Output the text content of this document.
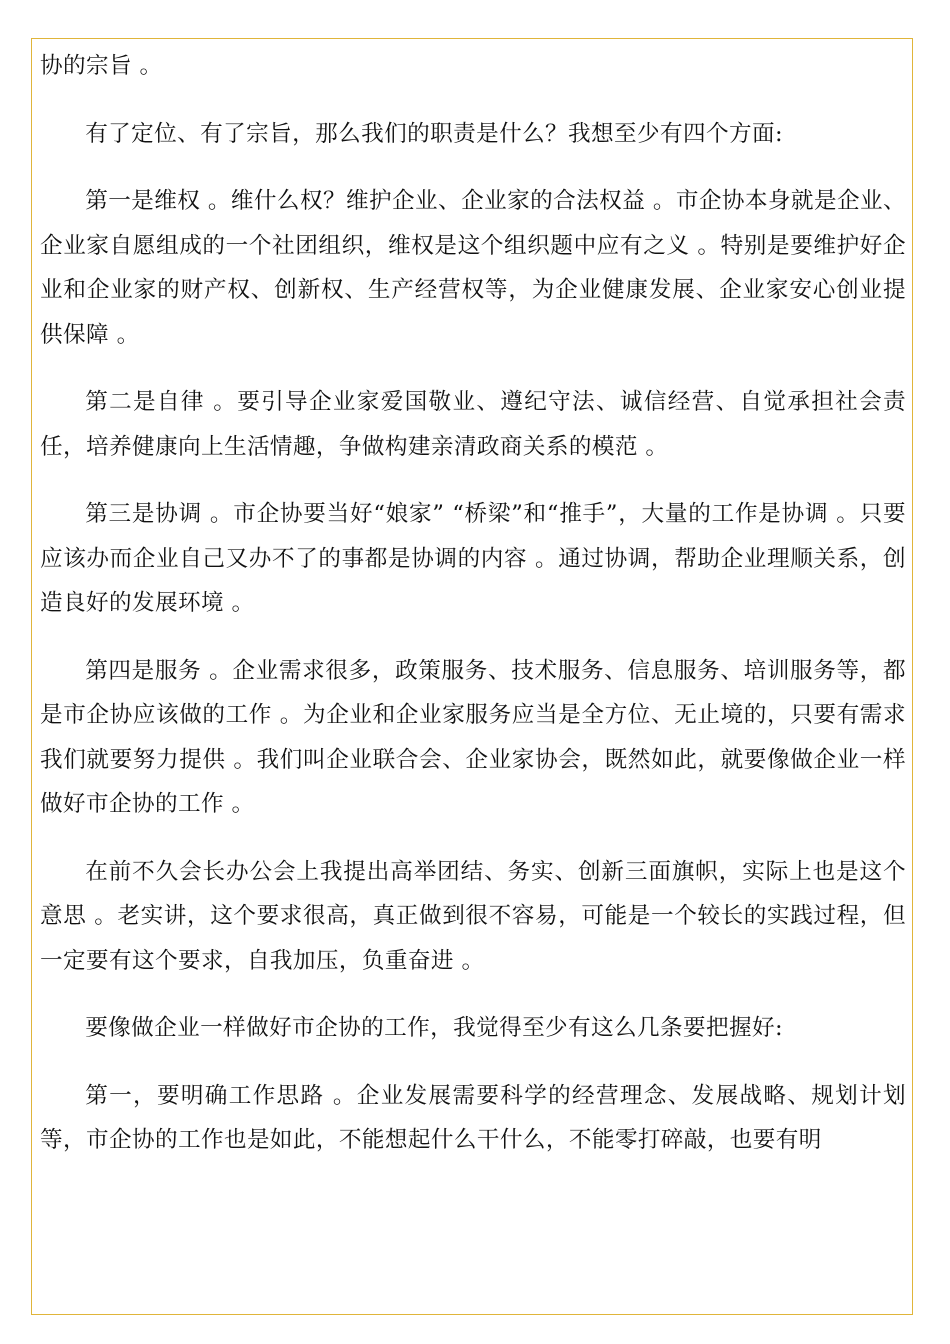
协的宗旨 。

有了定位、有了宗旨，那么我们的职责是什么？我想至少有四个方面:

第一是维权 。维什么权？维护企业、企业家的合法权益 。市企协本身就是企业、企业家自愿组成的一个社团组织，维权是这个组织题中应有之义 。特别是要维护好企业和企业家的财产权、创新权、生产经营权等，为企业健康发展、企业家安心创业提供保障 。

第二是自律 。要引导企业家爱国敬业、遵纪守法、诚信经营、自觉承担社会责任，培养健康向上生活情趣，争做构建亲清政商关系的模范 。

第三是协调 。市企协要当好“娘家” “桥梁”和“推手”，大量的工作是协调 。只要应该办而企业自己又办不了的事都是协调的内容 。通过协调，帮助企业理顺关系，创造良好的发展环境 。

第四是服务 。企业需求很多，政策服务、技术服务、信息服务、培训服务等，都是市企协应该做的工作 。为企业和企业家服务应当是全方位、无止境的，只要有需求我们就要努力提供 。我们叫企业联合会、企业家协会，既然如此，就要像做企业一样做好市企协的工作 。

在前不久会长办公会上我提出高举团结、务实、创新三面旗帜，实际上也是这个意思 。老实讲，这个要求很高，真正做到很不容易，可能是一个较长的实践过程，但一定要有这个要求，自我加压，负重奋进 。

要像做企业一样做好市企协的工作，我觉得至少有这么几条要把握好:

第一，要明确工作思路 。企业发展需要科学的经营理念、发展战略、规划计划等，市企协的工作也是如此，不能想起什么干什么，不能零打碎敲，也要有明
